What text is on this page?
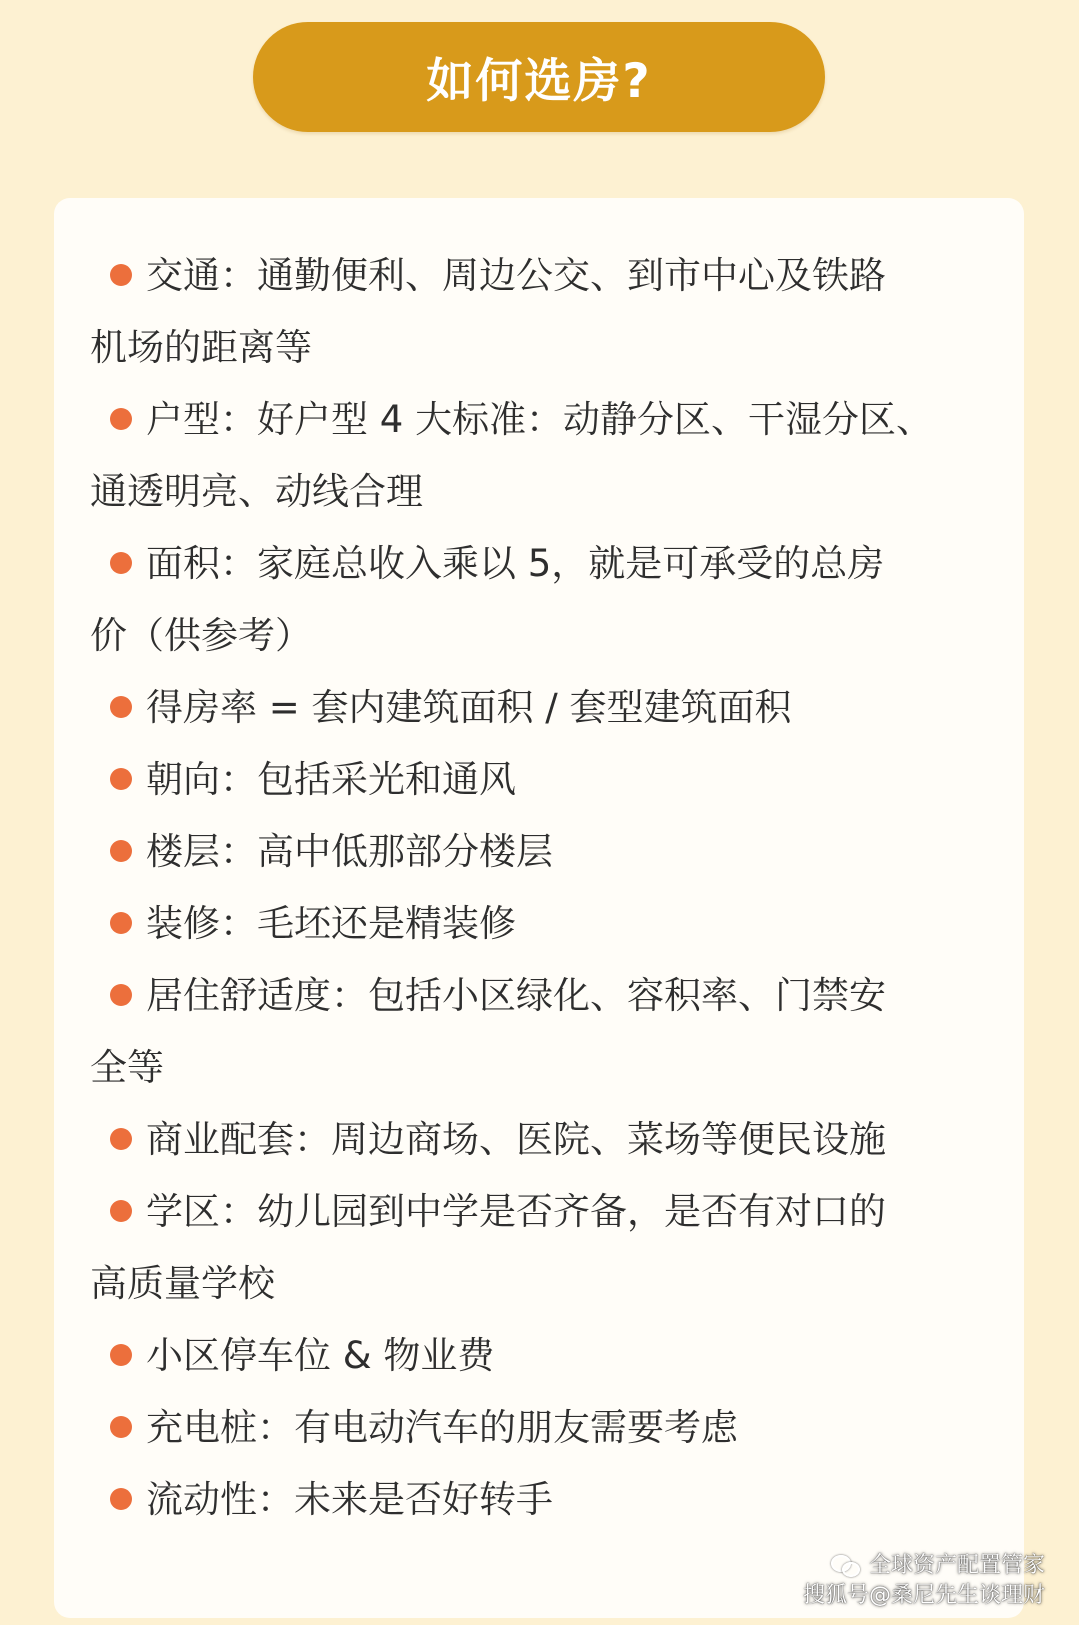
如何选房?
交通：通勤便利、周边公交、到市中心及铁路
机场的距离等
户型：好户型 4 大标准：动静分区、干湿分区、
通透明亮、动线合理
面积：家庭总收入乘以 5，就是可承受的总房
价（供参考）
得房率 = 套内建筑面积 / 套型建筑面积
朝向：包括采光和通风
楼层：高中低那部分楼层
装修：毛坯还是精装修
居住舒适度：包括小区绿化、容积率、门禁安
全等
商业配套：周边商场、医院、菜场等便民设施
学区：幼儿园到中学是否齐备，是否有对口的
高质量学校
小区停车位 & 物业费
充电桩：有电动汽车的朋友需要考虑
流动性：未来是否好转手
全球资产配置管家
搜狐号@桑尼先生谈理财
